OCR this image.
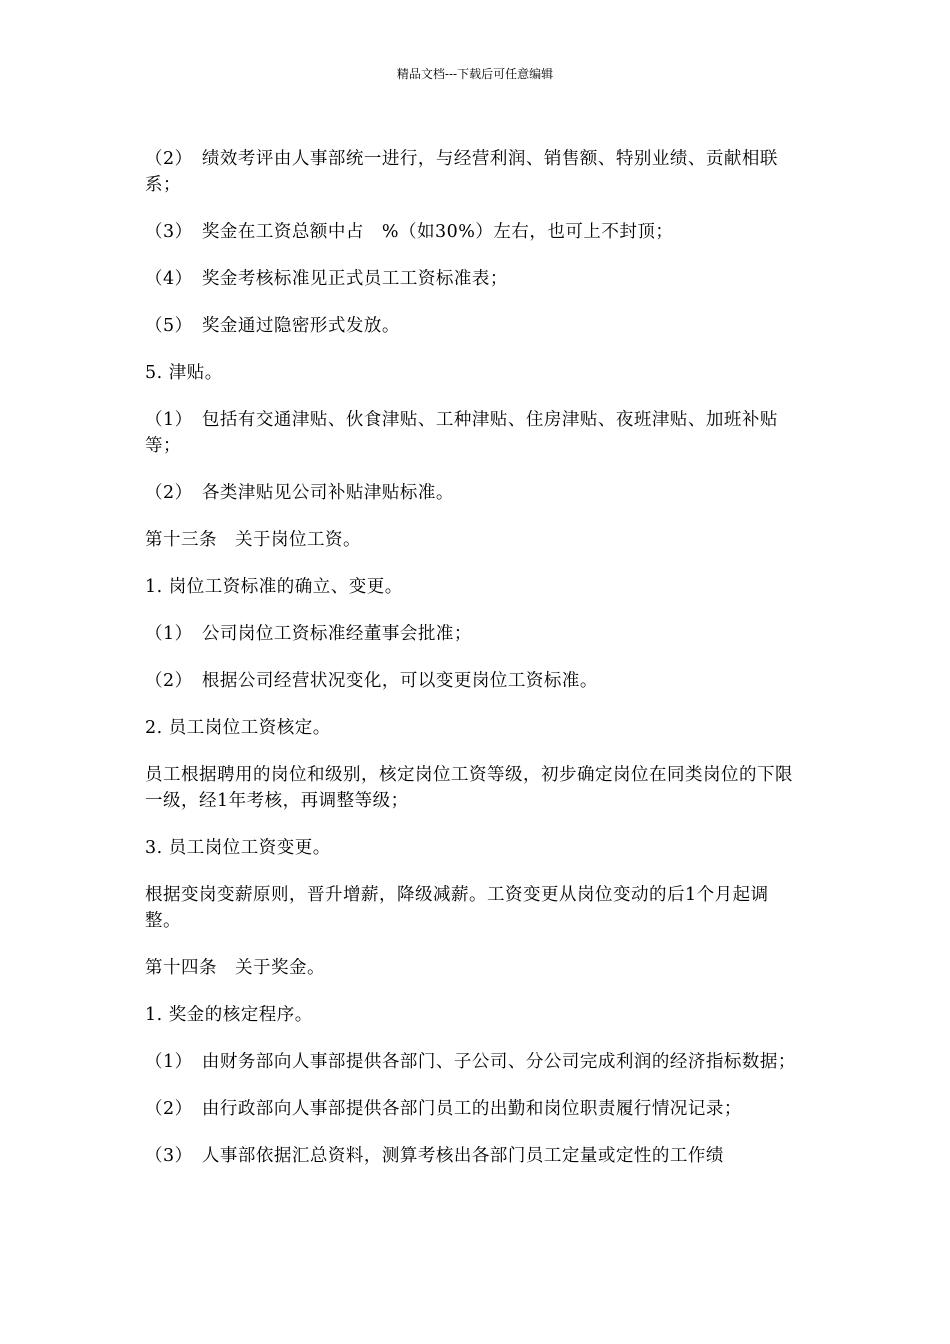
精品文档---下载后可任意编辑

（2）　绩效考评由人事部统一进行，与经营利润、销售额、特别业绩、贡献相联系；

（3）　奖金在工资总额中占　%（如30%）左右，也可上不封顶；

（4）　奖金考核标准见正式员工工资标准表；

（5）　奖金通过隐密形式发放。

5. 津贴。

（1）　包括有交通津贴、伙食津贴、工种津贴、住房津贴、夜班津贴、加班补贴等；

（2）　各类津贴见公司补贴津贴标准。

第十三条　关于岗位工资。

1. 岗位工资标准的确立、变更。

（1）　公司岗位工资标准经董事会批准；

（2）　根据公司经营状况变化，可以变更岗位工资标准。

2. 员工岗位工资核定。

员工根据聘用的岗位和级别，核定岗位工资等级，初步确定岗位在同类岗位的下限一级，经1年考核，再调整等级；

3. 员工岗位工资变更。

根据变岗变薪原则，晋升增薪，降级减薪。工资变更从岗位变动的后1个月起调整。

第十四条　关于奖金。

1. 奖金的核定程序。

（1）　由财务部向人事部提供各部门、子公司、分公司完成利润的经济指标数据；

（2）　由行政部向人事部提供各部门员工的出勤和岗位职责履行情况记录；

（3）　人事部依据汇总资料，测算考核出各部门员工定量或定性的工作绩
